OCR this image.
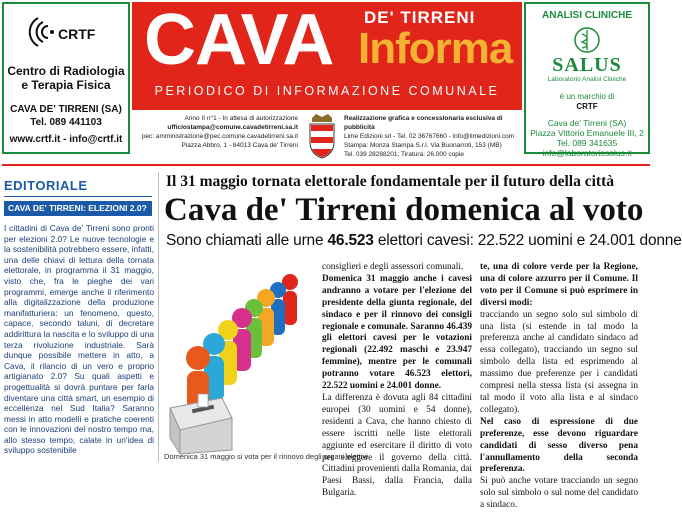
CRTF
Centro di Radiologia e Terapia Fisica
CAVA DE' TIRRENI (SA)
Tel. 089 441103
www.crtf.it - info@crtf.it
CAVA DE' TIRRENI
Informa
PERIODICO DI INFORMAZIONE COMUNALE
Anno II n°1 - In attesa di autorizzazione
ufficiostampa@comune.cavadetirreni.sa.it
pec: amministrazione@pec.comune.cavadetirreni.sa.it
Piazza Abbro, 1 - 84013 Cava de' Tirreni
Realizzazione grafica e concessionaria esclusiva di pubblicità
Lime Edizioni srl - Tel. 02 36767660 - info@limedizioni.com
Stampa: Monza Stampa S.r.l. Via Buonarroti, 153 (MB)
Tel. 039 28288201; Tiratura: 26.000 copie
ANALISI CLINICHE
SALUS
Laboratorio Analisi Cliniche
è un marchio di
CRTF
Cava de' Tirreni (SA)
Piazza Vittorio Emanuele III, 2
Tel. 089 341635
info@laboratoriosalus.it
EDITORIALE
CAVA DE' TIRRENI: ELEZIONI 2.0?
I cittadini di Cava de' Tirreni sono pronti per elezioni 2.0? Le nuove tecnologie e la sostenibilità potrebbero essere, infatti, una delle chiavi di lettura della tornata elettorale, in programma il 31 maggio, visto che, fra le pieghe dei vari programmi, emerge anche il riferimento alla digitalizzazione della produzione manifatturiera: un fenomeno, questo, capace, secondo taluni, di decretare addirittura la nascita e lo sviluppo di una terza rivoluzione industriale. Sarà dunque possibile mettere in atto, a Cava, il rilancio di un vero e proprio artigianato 2.0? Su quali aspetti e progettualità si dovrà puntare per farla diventare una città smart, un esempio di eccellenza nel Sud Italia? Saranno messi in atto modelli e pratiche coerenti con le innovazioni del nostro tempo ma, allo stesso tempo, calate in un'idea di sviluppo sostenibile
Il 31 maggio tornata elettorale fondamentale per il futuro della città
Cava de' Tirreni domenica al voto
Sono chiamati alle urne 46.523 elettori cavesi: 22.522 uomini e 24.001 donne
Domenica 31 maggio si vota per il rinnovo degli organi elettivi

consiglieri e degli assessori comunali.

Domenica 31 maggio anche i cavesi andranno a votare per l'elezione del presidente della giunta regionale, del sindaco e per il rinnovo dei consigli regionale e comunale. Saranno 46.439 gli elettori cavesi per le votazioni regionali (22.492 maschi e 23.947 femmine), mentre per le comunali potranno votare 46.523 elettori, 22.522 uomini e 24.001 donne.

La differenza è dovuta agli 84 cittadini europei (30 uomini e 54 donne), residenti a Cava, che hanno chiesto di essere iscritti nelle liste elettorali aggiunte ed esercitare il diritto di voto per eleggere il governo della città. Cittadini provenienti dalla Romania, dai Paesi Bassi, dalla Francia, dalla Bulgaria.

te, una di colore verde per la Regione, una di colore azzurro per il Comune. Il voto per il Comune si può esprimere in diversi modi:

tracciando un segno solo sul simbolo di una lista (si estende in tal modo la preferenza anche al candidato sindaco ad essa collegato), tracciando un segno sul simbolo della lista ed esprimendo al massimo due preferenze per i candidati compresi nella stessa lista (si assegna in tal modo il voto alla lista e al sindaco collegato).

Nel caso di espressione di due preferenze, esse devono riguardare candidati di sesso diverso pena l'annullamento della seconda preferenza.

Si può anche votare tracciando un segno solo sul simbolo o sul nome del candidato a sindaco.
